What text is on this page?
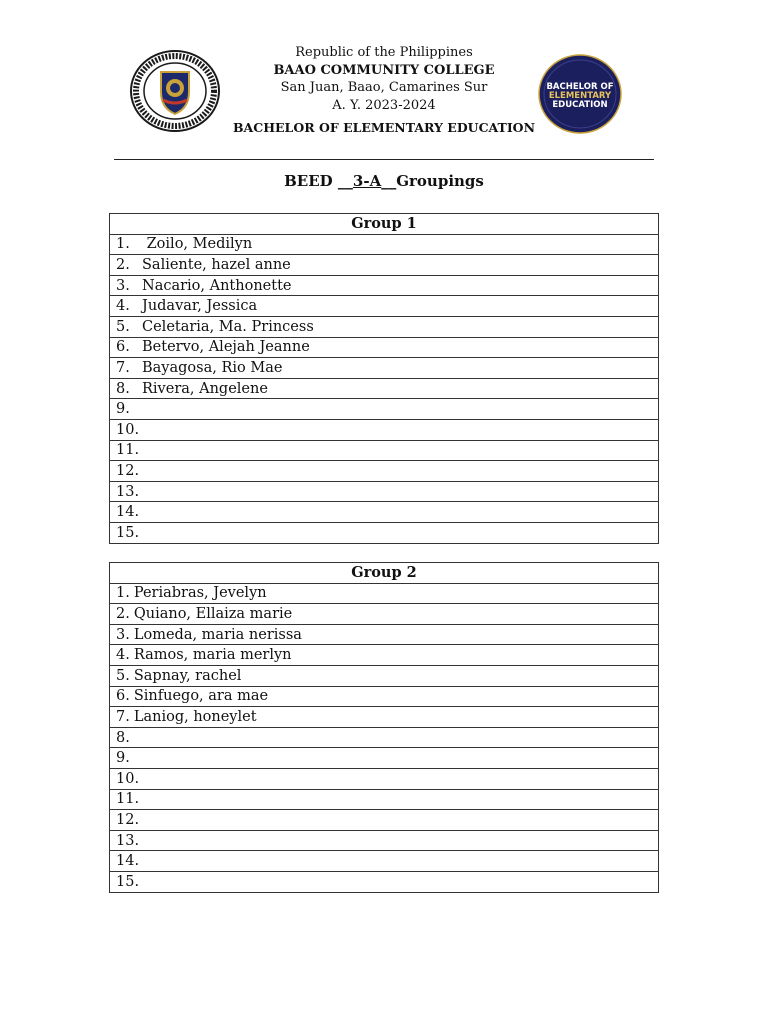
Republic of the Philippines
BAAO COMMUNITY COLLEGE
San Juan, Baao, Camarines Sur
A. Y. 2023-2024
BACHELOR OF ELEMENTARY EDUCATION
BACHELOR OF
ELEMENTARY
EDUCATION
BEED __3-A__Groupings
Group 1
1. Zoilo, Medilyn
2. Saliente, hazel anne
3. Nacario, Anthonette
4. Judavar, Jessica
5. Celetaria, Ma. Princess
6. Betervo, Alejah Jeanne
7. Bayagosa, Rio Mae
8. Rivera, Angelene
9.
10.
11.
12.
13.
14.
15.
Group 2
1. Periabras, Jevelyn
2. Quiano, Ellaiza marie
3. Lomeda, maria nerissa
4. Ramos, maria merlyn
5. Sapnay, rachel
6. Sinfuego, ara mae
7. Laniog, honeylet
8.
9.
10.
11.
12.
13.
14.
15.
